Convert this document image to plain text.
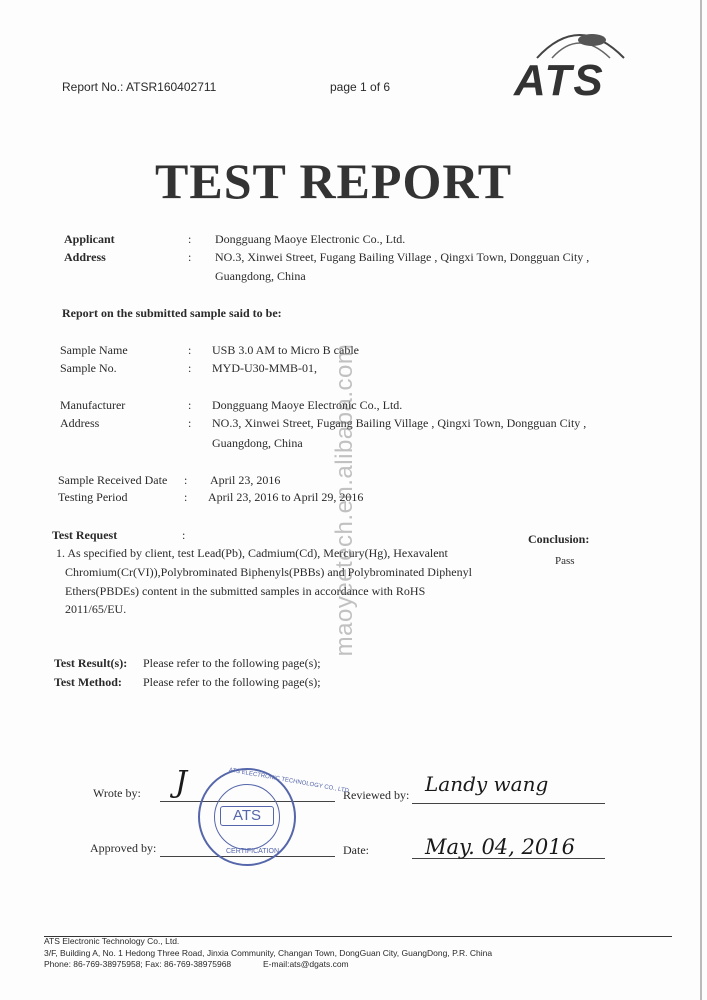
Report No.: ATSR160402711	page 1 of 6	ATS
TEST REPORT
Applicant	: Dongguang Maoye Electronic Co., Ltd.
Address	: NO.3, Xinwei Street, Fugang Bailing Village , Qingxi Town, Dongguan City ,
Guangdong, China
Report on the submitted sample said to be:
Sample Name	: USB 3.0 AM to Micro B cable
Sample No.	: MYD-U30-MMB-01,
Manufacturer	: Dongguang Maoye Electronic Co., Ltd.
Address	: NO.3, Xinwei Street, Fugang Bailing Village , Qingxi Town, Dongguan City ,
Guangdong, China
Sample Received Date : April 23, 2016
Testing Period	: April 23, 2016 to April 29, 2016
Test Request	:
1. As specified by client, test Lead(Pb), Cadmium(Cd), Mercury(Hg), Hexavalent
Chromium(Cr(VI)),Polybrominated Biphenyls(PBBs) and Polybrominated Diphenyl
Ethers(PBDEs) content in the submitted samples in accordance with RoHS
2011/65/EU.
Conclusion:
Pass
Test Result(s): Please refer to the following page(s);
Test Method: Please refer to the following page(s);
Wrote by: J	Reviewed by: Landy wang
Approved by:	Date:	May. 04, 2016
ATS ELECTRONIC TECHNOLOGY CO., LTD
ATS
CERTIFICATION
maoyeetech.en.alibaba.com
ATS Electronic Technology Co., Ltd.
3/F, Building A, No. 1 Hedong Three Road, Jinxia Community, Changan Town, DongGuan City, GuangDong, P.R. China
Phone: 86-769-38975958; Fax: 86-769-38975968	E-mail:ats@dgats.com
